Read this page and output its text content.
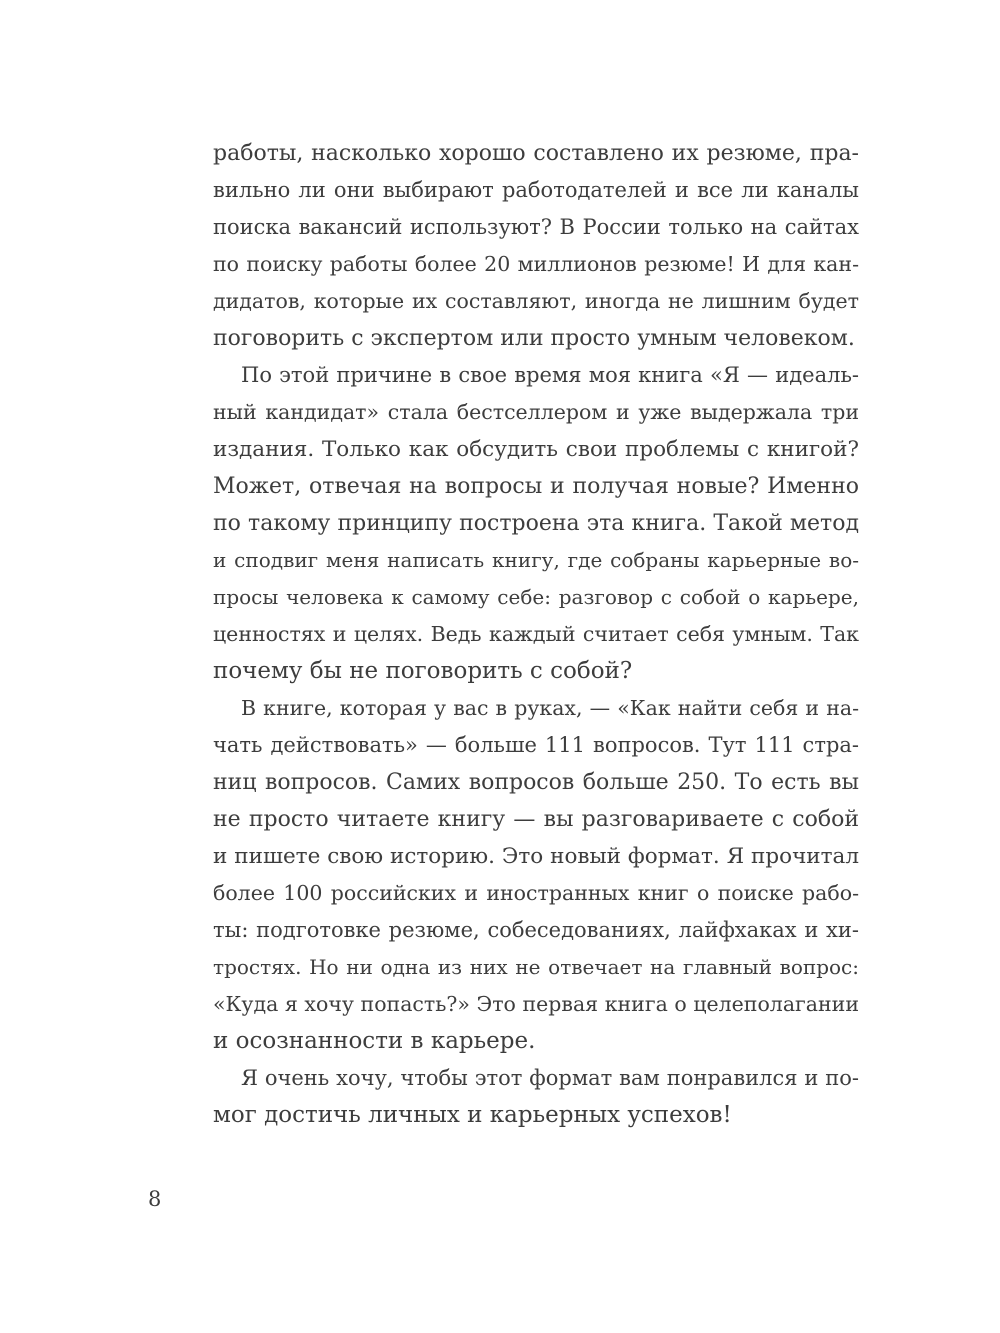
работы, насколько хорошо составлено их резюме, пра-
вильно ли они выбирают работодателей и все ли каналы
поиска вакансий используют? В России только на сайтах
по поиску работы более 20 миллионов резюме! И для кан-
дидатов, которые их составляют, иногда не лишним будет
поговорить с экспертом или просто умным человеком.
По этой причине в свое время моя книга «Я — идеаль-
ный кандидат» стала бестселлером и уже выдержала три
издания. Только как обсудить свои проблемы с книгой?
Может, отвечая на вопросы и получая новые? Именно
по такому принципу построена эта книга. Такой метод
и сподвиг меня написать книгу, где собраны карьерные во-
просы человека к самому себе: разговор с собой о карьере,
ценностях и целях. Ведь каждый считает себя умным. Так
почему бы не поговорить с собой?
В книге, которая у вас в руках, — «Как найти себя и на-
чать действовать» — больше 111 вопросов. Тут 111 стра-
ниц вопросов. Самих вопросов больше 250. То есть вы
не просто читаете книгу — вы разговариваете с собой
и пишете свою историю. Это новый формат. Я прочитал
более 100 российских и иностранных книг о поиске рабо-
ты: подготовке резюме, собеседованиях, лайфхаках и хи-
тростях. Но ни одна из них не отвечает на главный вопрос:
«Куда я хочу попасть?» Это первая книга о целеполагании
и осознанности в карьере.
Я очень хочу, чтобы этот формат вам понравился и по-
мог достичь личных и карьерных успехов!
8
